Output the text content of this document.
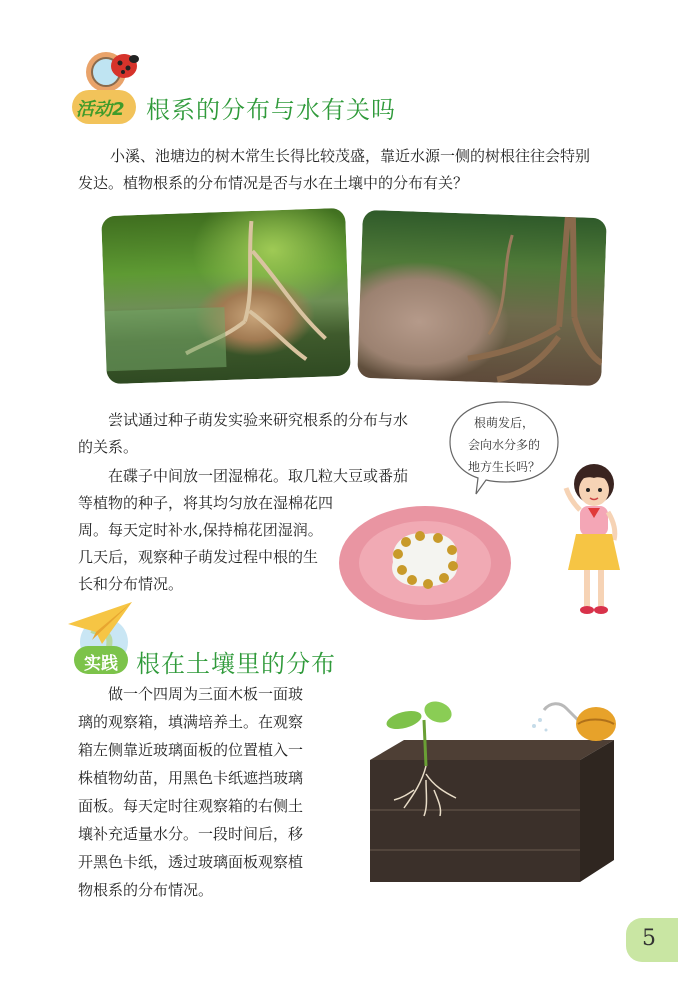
活动2 根系的分布与水有关吗
小溪、池塘边的树木常生长得比较茂盛，靠近水源一侧的树根往往会特别
发达。植物根系的分布情况是否与水在土壤中的分布有关？
尝试通过种子萌发实验来研究根系的分布与水
的关系。
在碟子中间放一团湿棉花。取几粒大豆或番茄
等植物的种子，将其均匀放在湿棉花四
周。每天定时补水,保持棉花团湿润。
几天后，观察种子萌发过程中根的生
长和分布情况。
根萌发后，
会向水分多的
地方生长吗？
实践 根在土壤里的分布
做一个四周为三面木板一面玻
璃的观察箱，填满培养土。在观察
箱左侧靠近玻璃面板的位置植入一
株植物幼苗，用黑色卡纸遮挡玻璃
面板。每天定时往观察箱的右侧土
壤补充适量水分。一段时间后，移
开黑色卡纸，透过玻璃面板观察植
物根系的分布情况。
5
